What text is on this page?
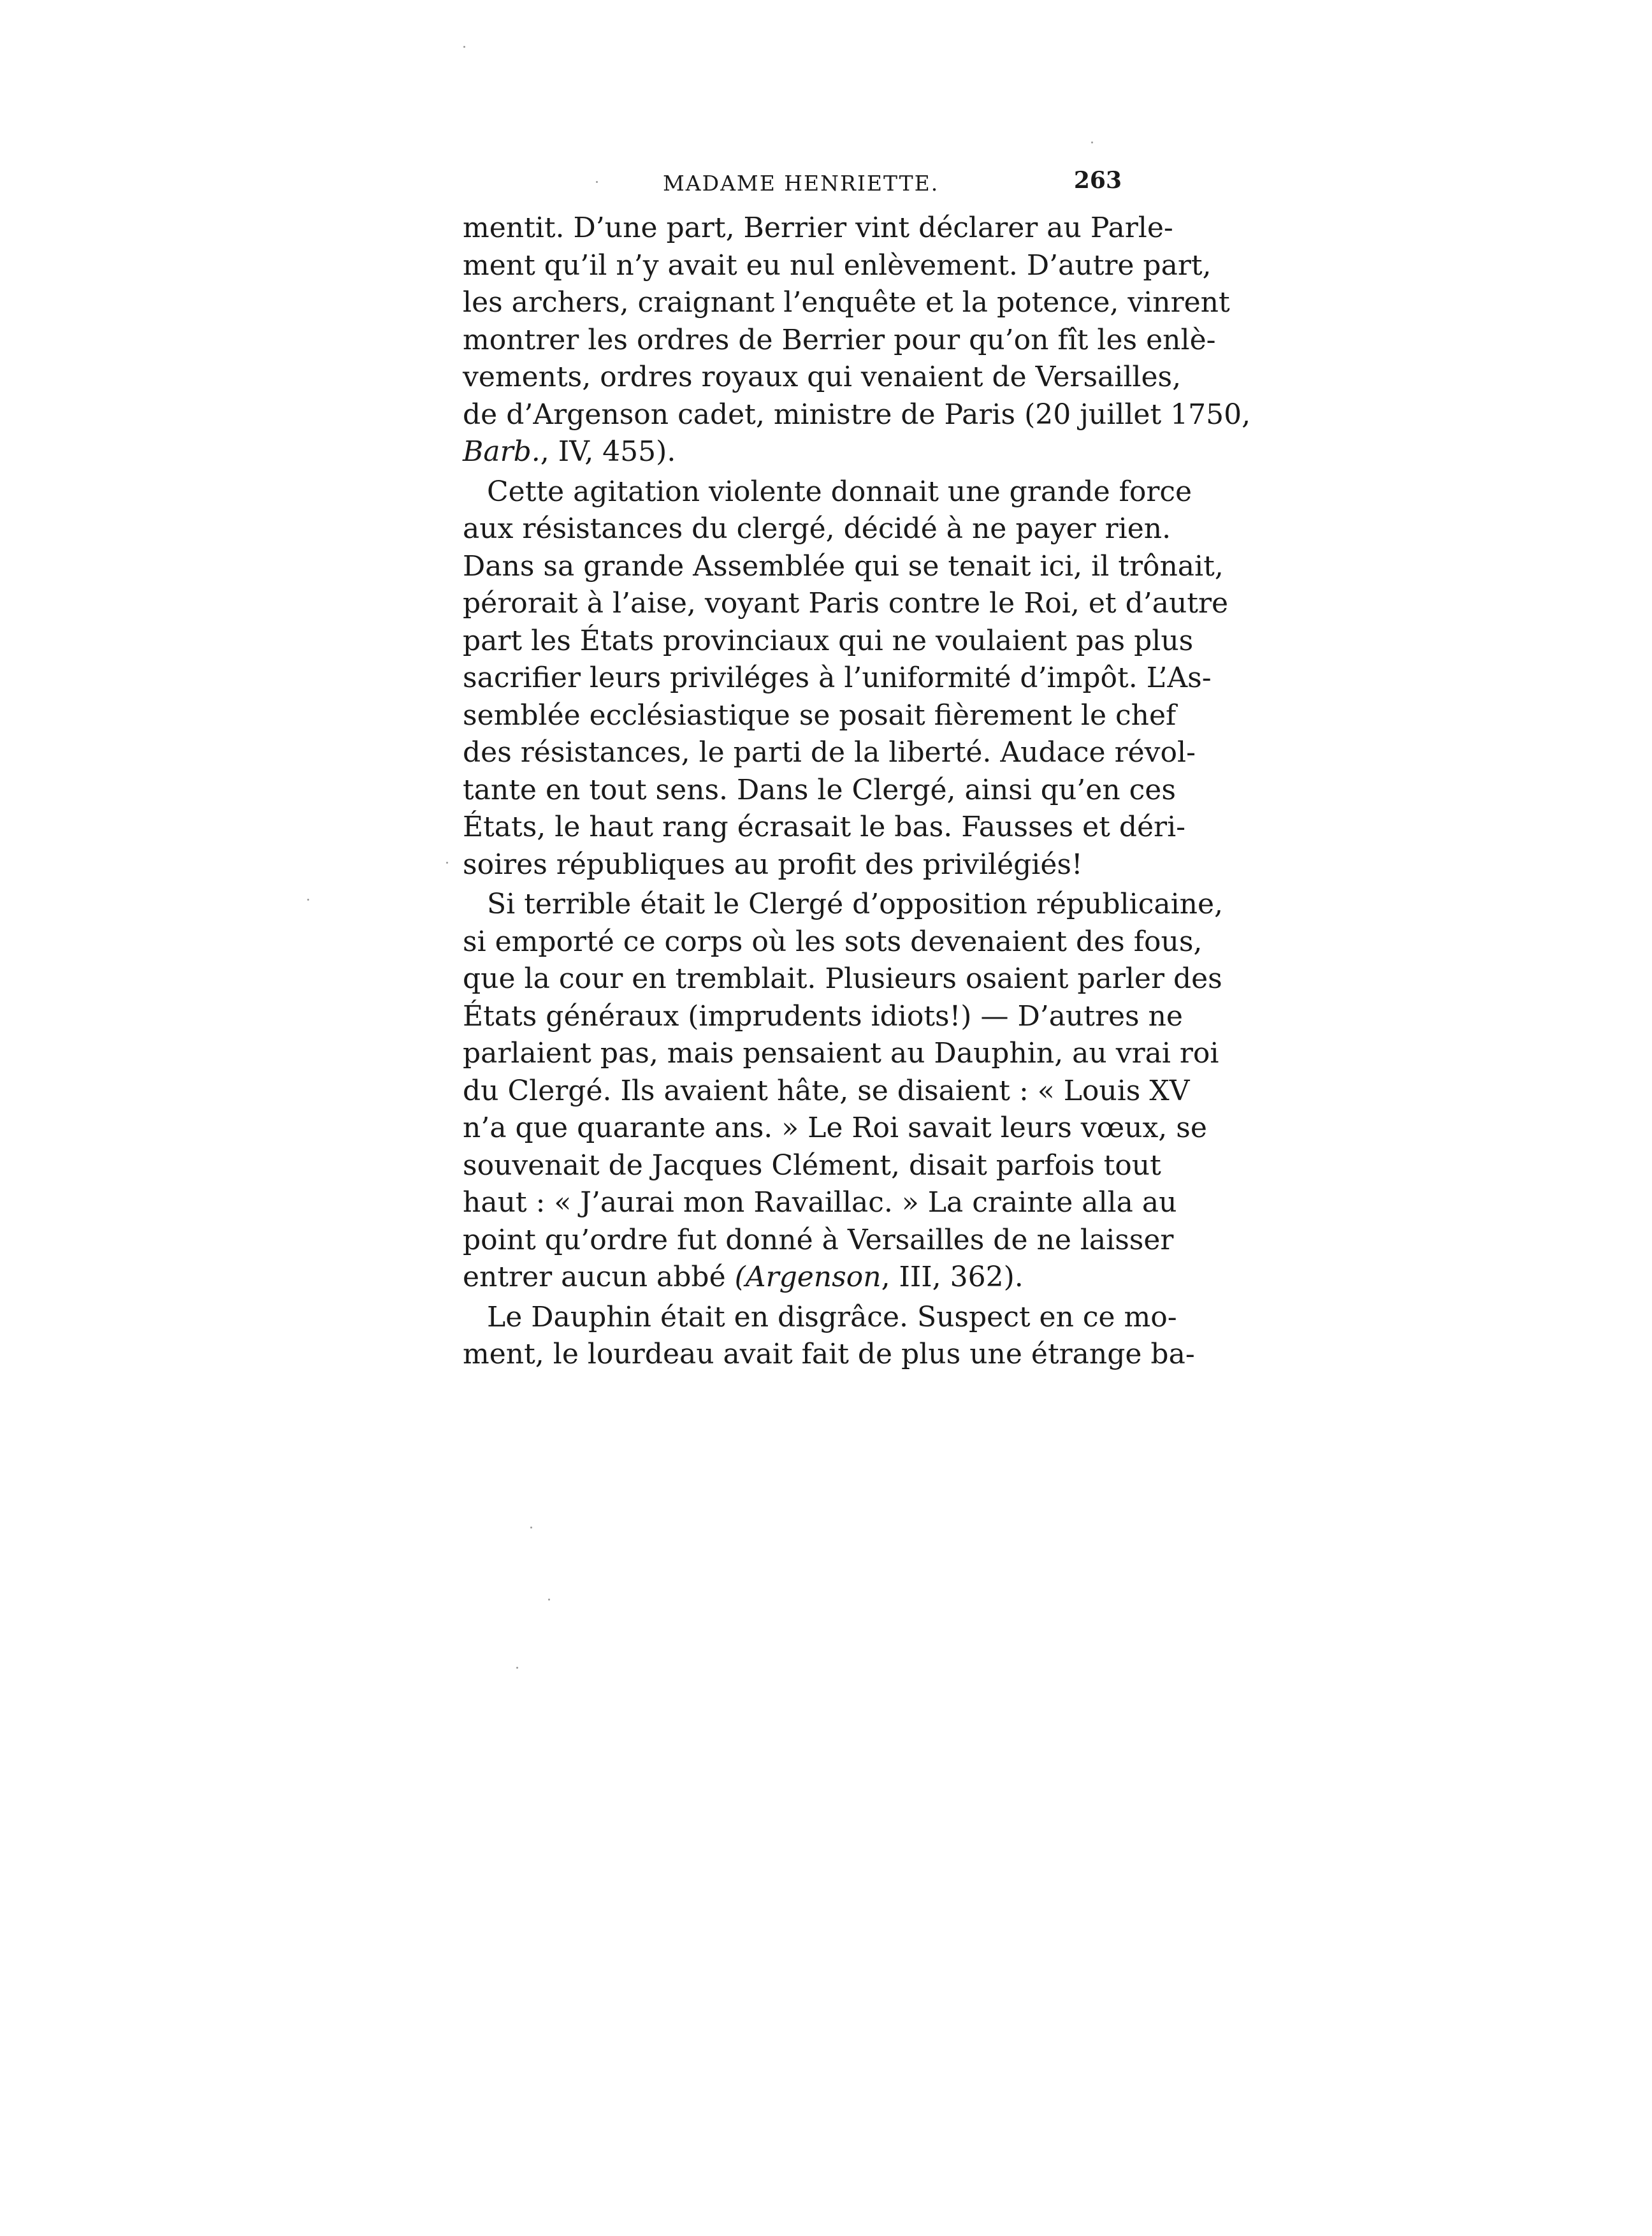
MADAME HENRIETTE.	263
mentit. D’une part, Berrier vint déclarer au Parle-
ment qu’il n’y avait eu nul enlèvement. D’autre part,
les archers, craignant l’enquête et la potence, vinrent
montrer les ordres de Berrier pour qu’on fît les enlè-
vements, ordres royaux qui venaient de Versailles,
de d’Argenson cadet, ministre de Paris (20 juillet 1750,
Barb., IV, 455).
Cette agitation violente donnait une grande force
aux résistances du clergé, décidé à ne payer rien.
Dans sa grande Assemblée qui se tenait ici, il trônait,
pérorait à l’aise, voyant Paris contre le Roi, et d’autre
part les États provinciaux qui ne voulaient pas plus
sacrifier leurs priviléges à l’uniformité d’impôt. L’As-
semblée ecclésiastique se posait fièrement le chef
des résistances, le parti de la liberté. Audace révol-
tante en tout sens. Dans le Clergé, ainsi qu’en ces
États, le haut rang écrasait le bas. Fausses et déri-
soires républiques au profit des privilégiés!
Si terrible était le Clergé d’opposition républicaine,
si emporté ce corps où les sots devenaient des fous,
que la cour en tremblait. Plusieurs osaient parler des
États généraux (imprudents idiots!) — D’autres ne
parlaient pas, mais pensaient au Dauphin, au vrai roi
du Clergé. Ils avaient hâte, se disaient : « Louis XV
n’a que quarante ans. » Le Roi savait leurs vœux, se
souvenait de Jacques Clément, disait parfois tout
haut : « J’aurai mon Ravaillac. » La crainte alla au
point qu’ordre fut donné à Versailles de ne laisser
entrer aucun abbé (Argenson, III, 362).
Le Dauphin était en disgrâce. Suspect en ce mo-
ment, le lourdeau avait fait de plus une étrange ba-
